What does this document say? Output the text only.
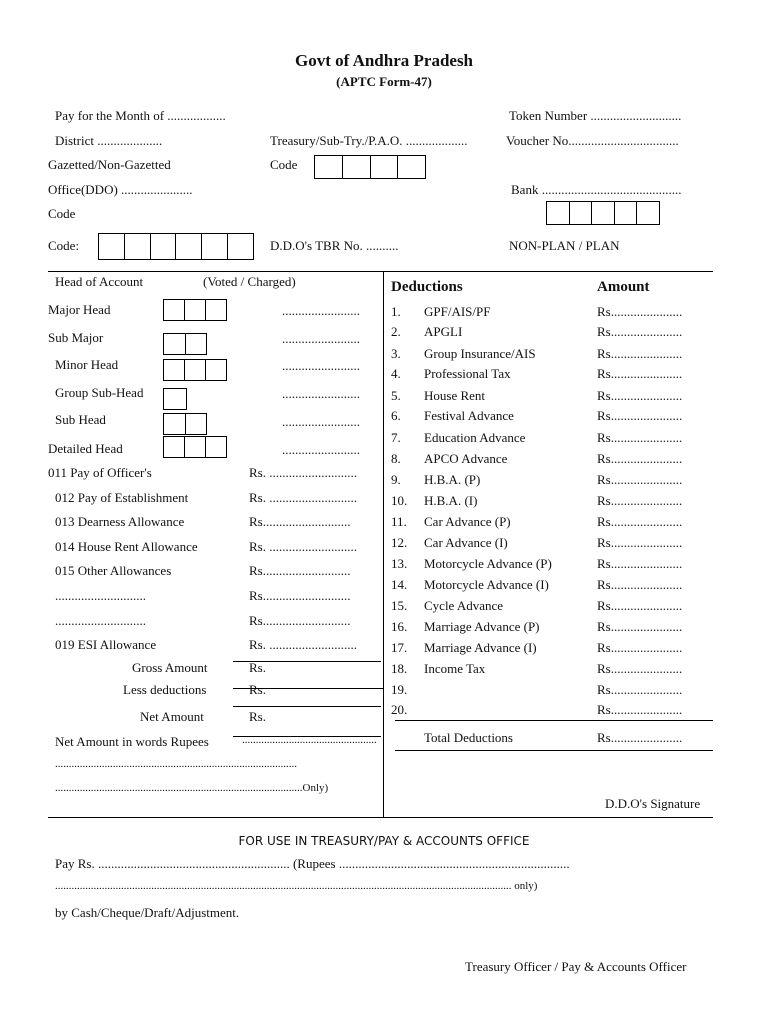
Govt of Andhra Pradesh
(APTC Form-47)
Pay for the Month of ..................	Token Number ............................
District ....................	Treasury/Sub-Try./P.A.O. ...................	Voucher No..................................
Gazetted/Non-Gazetted	Code
Office(DDO) ......................	Bank ...........................................
Code
Code:	D.D.O's TBR No. ..........	NON-PLAN / PLAN
Head of Account	(Voted / Charged)
Major Head	........................
Sub Major	........................
Minor Head	........................
Group Sub-Head	........................
Sub Head	........................
Detailed Head	........................
011 Pay of Officer's	Rs. ...........................
012 Pay of Establishment	Rs. ...........................
013 Dearness Allowance	Rs...........................
014 House Rent Allowance	Rs. ...........................
015 Other Allowances	Rs...........................
............................	Rs...........................
............................	Rs...........................
019 ESI Allowance	Rs. ...........................
Gross Amount	Rs.
Less deductions	Rs.
Net Amount	Rs.
Net Amount in words Rupees	.................................................
........................................................................................
..........................................................................................Only)
Deductions	Amount
1. GPF/AIS/PF	Rs......................
2. APGLI	Rs......................
3. Group Insurance/AIS	Rs......................
4. Professional Tax	Rs......................
5. House Rent	Rs......................
6. Festival Advance	Rs......................
7. Education Advance	Rs......................
8. APCO Advance	Rs......................
9. H.B.A. (P)	Rs......................
10. H.B.A. (I)	Rs......................
11. Car Advance (P)	Rs......................
12. Car Advance (I)	Rs......................
13. Motorcycle Advance (P)	Rs......................
14. Motorcycle Advance (I)	Rs......................
15. Cycle Advance	Rs......................
16. Marriage Advance (P)	Rs......................
17. Marriage Advance (I)	Rs......................
18. Income Tax	Rs......................
19.	Rs......................
20.	Rs......................
Total Deductions	Rs......................
D.D.O's Signature
FOR USE IN TREASURY/PAY & ACCOUNTS OFFICE
Pay Rs. ........................................................... (Rupees .......................................................................
...................................................................................................................................................................... only)
by Cash/Cheque/Draft/Adjustment.
Treasury Officer / Pay & Accounts Officer
